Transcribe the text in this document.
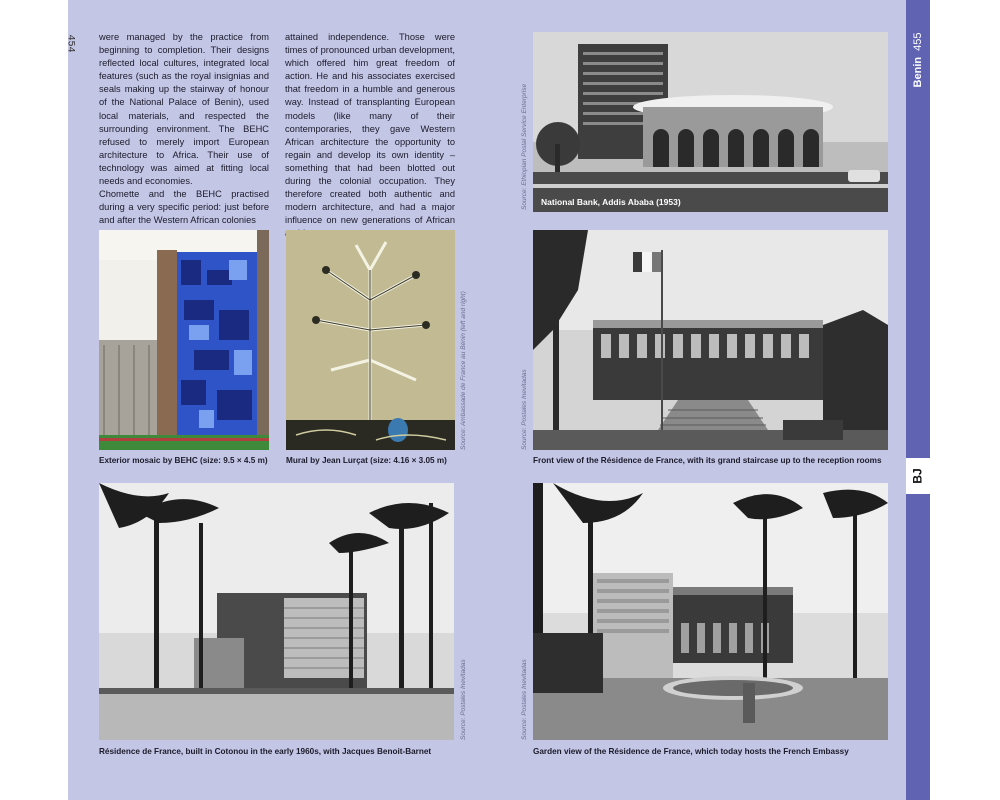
Benin455
BJ
454	were managed by the practice from beginning to completion. Their designs reflected local cultures, integrated local features (such as the royal insignias and seals making up the stairway of honour of the National Palace of Benin), used local materials, and respected the surrounding environment. The BEHC refused to merely import European architecture to Africa. Their use of technology was aimed at fitting local needs and economies.

Chomette and the BEHC practised during a very specific period: just before and after the Western African colonies

attained independence. Those were times of pronounced urban development, which offered him great freedom of action. He and his associates exercised that freedom in a humble and generous way. Instead of transplanting European models (like many of their contemporaries, they gave Western African architecture the opportunity to regain and develop its own identity – something that had been blotted out during the colonial occupation. They therefore created both authentic and modern architecture, and had a major influence on new generations of African

National Bank, Addis Ababa (1953)
Source: Ethiopian Postal Service Enterprise
Source: Ambassade de France au Bénin (left and right)
Exterior mosaic by BEHC (size: 9.5 × 4.5 m) Mural by Jean Lurçat (size: 4.16 × 3.05 m)
Source: Postales Inevitadas
Front view of the Résidence de France, with its grand staircase up to the reception rooms
Source: Postales Inevitadas
Résidence de France, built in Cotonou in the early 1960s, with Jacques Benoit-Barnet
Source: Postales Inevitadas
Garden view of the Résidence de France, which today hosts the French Embassy
